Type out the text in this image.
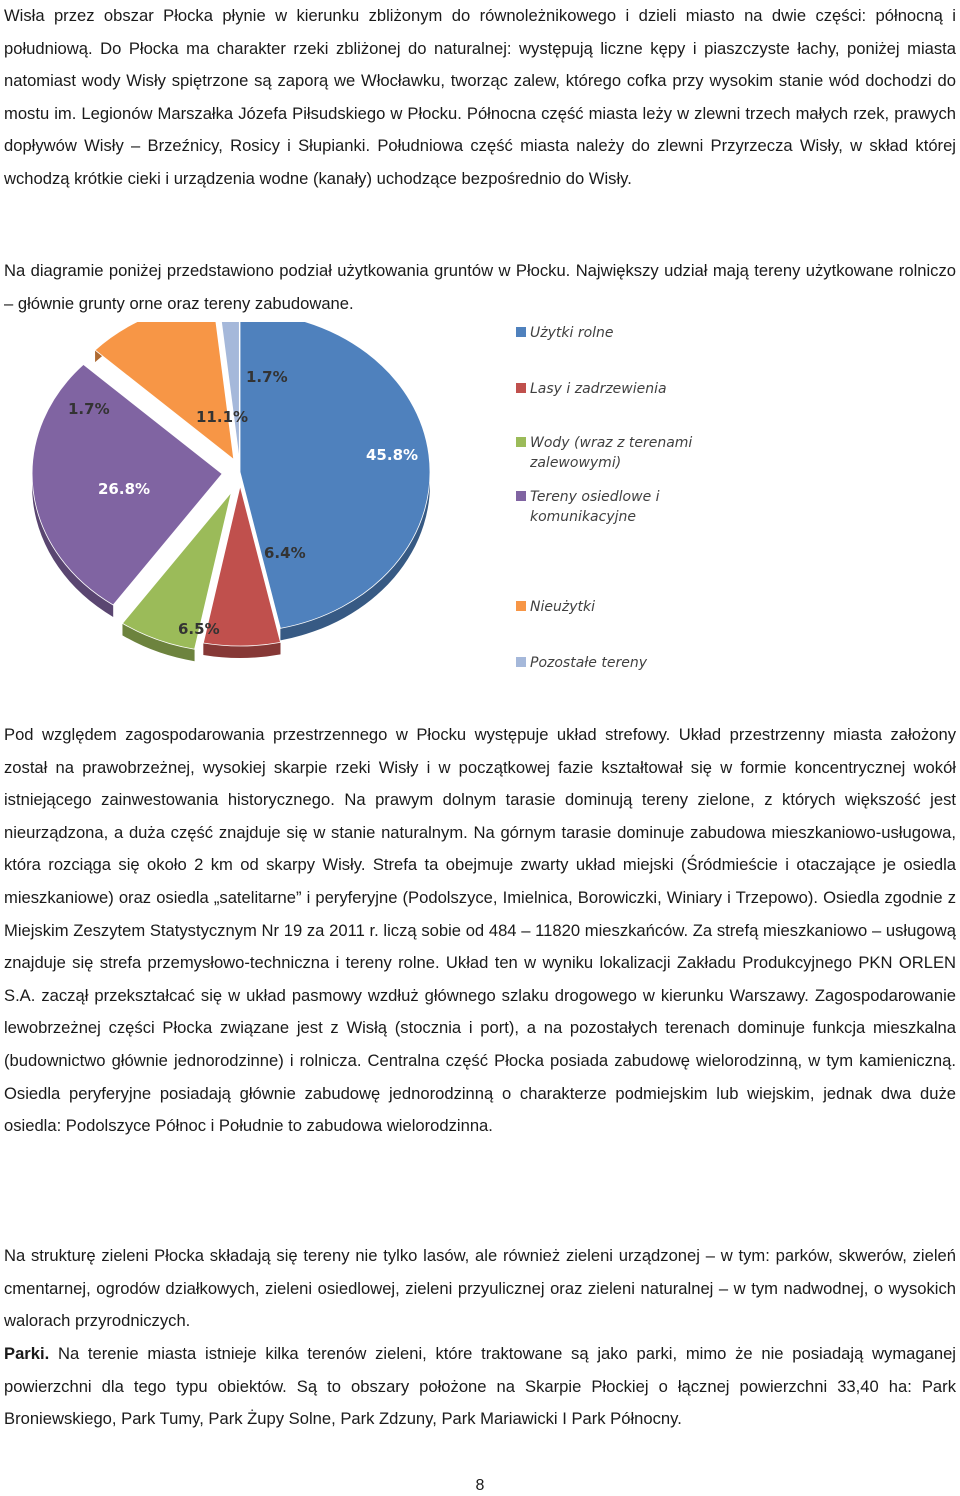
Wisła przez obszar Płocka płynie w kierunku zbliżonym do równoleżnikowego i dzieli miasto na dwie części: północną i południową. Do Płocka ma charakter rzeki zbliżonej do naturalnej: występują liczne kępy i piaszczyste łachy, poniżej miasta natomiast wody Wisły spiętrzone są zaporą we Włocławku, tworząc zalew, którego cofka przy wysokim stanie wód dochodzi do mostu im. Legionów Marszałka Józefa Piłsudskiego w Płocku. Północna część miasta leży w zlewni trzech małych rzek, prawych dopływów Wisły – Brzeźnicy, Rosicy i Słupianki. Południowa część miasta należy do zlewni Przyrzecza Wisły, w skład której wchodzą krótkie cieki i urządzenia wodne (kanały) uchodzące bezpośrednio do Wisły.

Na diagramie poniżej przedstawiono podział użytkowania gruntów w Płocku. Największy udział mają tereny użytkowane rolniczo – głównie grunty orne oraz tereny zabudowane.

45.8%
6.4%
6.5%
26.8%
11.1%
1.7%
1.7%
Użytki rolne
Lasy i zadrzewienia
Wody (wraz z terenami
zalewowymi)
Tereny osiedlowe i
komunikacyjne
Nieużytki
Pozostałe tereny

Pod względem zagospodarowania przestrzennego w Płocku występuje układ strefowy. Układ przestrzenny miasta założony został na prawobrzeżnej, wysokiej skarpie rzeki Wisły i w początkowej fazie kształtował się w formie koncentrycznej wokół istniejącego zainwestowania historycznego. Na prawym dolnym tarasie dominują tereny zielone, z których większość jest nieurządzona, a duża część znajduje się w stanie naturalnym. Na górnym tarasie dominuje zabudowa mieszkaniowo-usługowa, która rozciąga się około 2 km od skarpy Wisły. Strefa ta obejmuje zwarty układ miejski (Śródmieście i otaczające je osiedla mieszkaniowe) oraz osiedla „satelitarne” i peryferyjne (Podolszyce, Imielnica, Borowiczki, Winiary i Trzepowo). Osiedla zgodnie z Miejskim Zeszytem Statystycznym Nr 19 za 2011 r. liczą sobie od 484 – 11820 mieszkańców. Za strefą mieszkaniowo – usługową znajduje się strefa przemysłowo-techniczna i tereny rolne. Układ ten w wyniku lokalizacji Zakładu Produkcyjnego PKN ORLEN S.A. zaczął przekształcać się w układ pasmowy wzdłuż głównego szlaku drogowego w kierunku Warszawy. Zagospodarowanie lewobrzeżnej części Płocka związane jest z Wisłą (stocznia i port), a na pozostałych terenach dominuje funkcja mieszkalna (budownictwo głównie jednorodzinne) i rolnicza. Centralna część Płocka posiada zabudowę wielorodzinną, w tym kamieniczną. Osiedla peryferyjne posiadają głównie zabudowę jednorodzinną o charakterze podmiejskim lub wiejskim, jednak dwa duże osiedla: Podolszyce Północ i Południe to zabudowa wielorodzinna.

Na strukturę zieleni Płocka składają się tereny nie tylko lasów, ale również zieleni urządzonej – w tym: parków, skwerów, zieleń cmentarnej, ogrodów działkowych, zieleni osiedlowej, zieleni przyulicznej oraz zieleni naturalnej – w tym nadwodnej, o wysokich walorach przyrodniczych.

Parki. Na terenie miasta istnieje kilka terenów zieleni, które traktowane są jako parki, mimo że nie posiadają wymaganej powierzchni dla tego typu obiektów. Są to obszary położone na Skarpie Płockiej o łącznej powierzchni 33,40 ha: Park Broniewskiego, Park Tumy, Park Żupy Solne, Park Zdzuny, Park Mariawicki I Park Północny.

8
